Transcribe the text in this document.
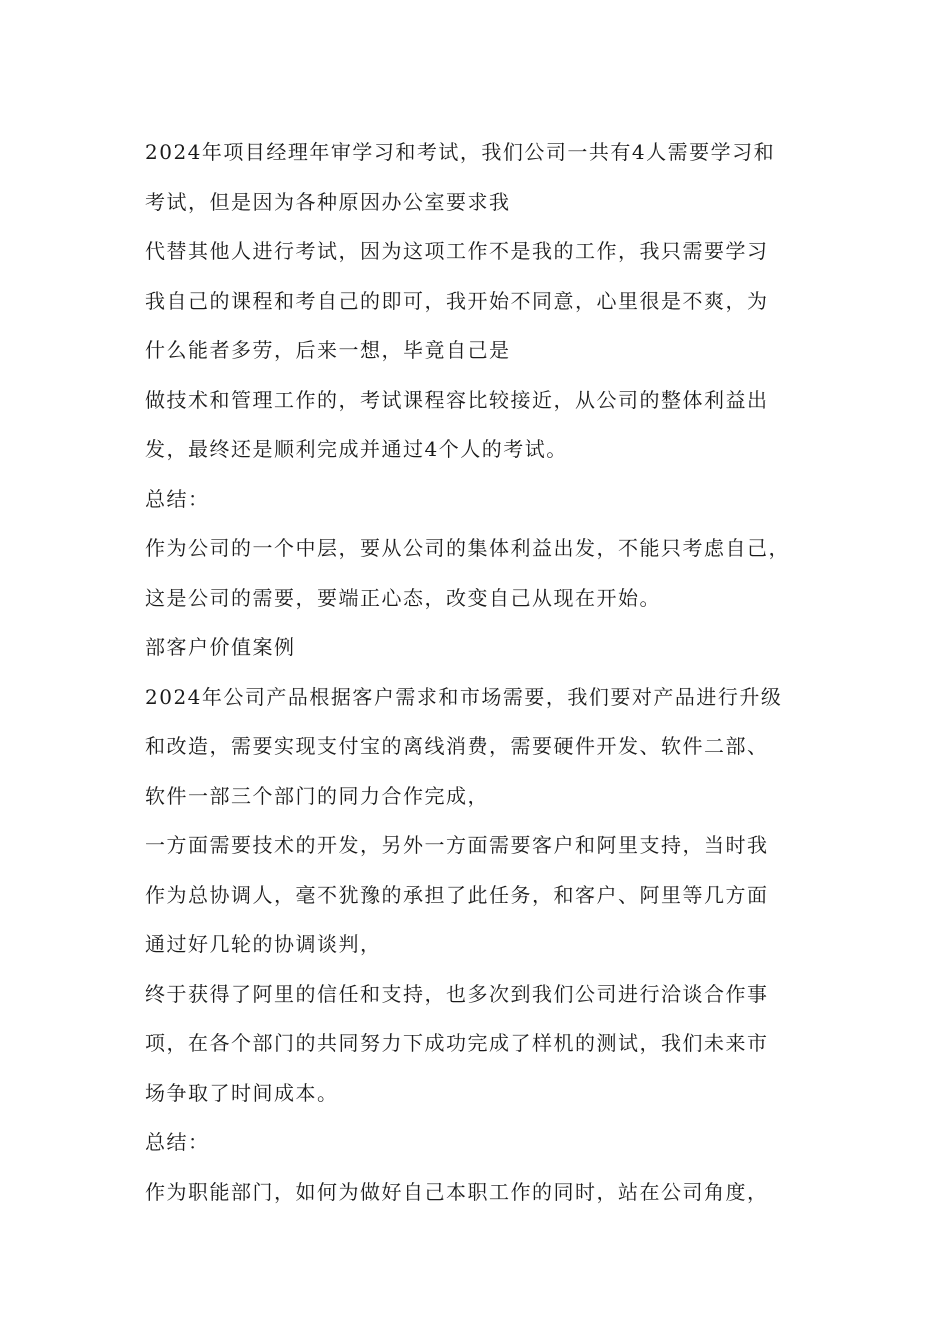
2024年项目经理年审学习和考试，我们公司一共有4人需要学习和
考试，但是因为各种原因办公室要求我

代替其他人进行考试，因为这项工作不是我的工作，我只需要学习
我自己的课程和考自己的即可，我开始不同意，心里很是不爽，为
什么能者多劳，后来一想，毕竟自己是

做技术和管理工作的，考试课程容比较接近，从公司的整体利益出
发，最终还是顺利完成并通过4个人的考试。

总结：

作为公司的一个中层，要从公司的集体利益出发，不能只考虑自己，
这是公司的需要，要端正心态，改变自己从现在开始。

部客户价值案例

2024年公司产品根据客户需求和市场需要，我们要对产品进行升级
和改造，需要实现支付宝的离线消费，需要硬件开发、软件二部、
软件一部三个部门的同力合作完成，

一方面需要技术的开发，另外一方面需要客户和阿里支持，当时我
作为总协调人，毫不犹豫的承担了此任务，和客户、阿里等几方面
通过好几轮的协调谈判，

终于获得了阿里的信任和支持，也多次到我们公司进行洽谈合作事
项，在各个部门的共同努力下成功完成了样机的测试，我们未来市
场争取了时间成本。

总结：

作为职能部门，如何为做好自己本职工作的同时，站在公司角度，
